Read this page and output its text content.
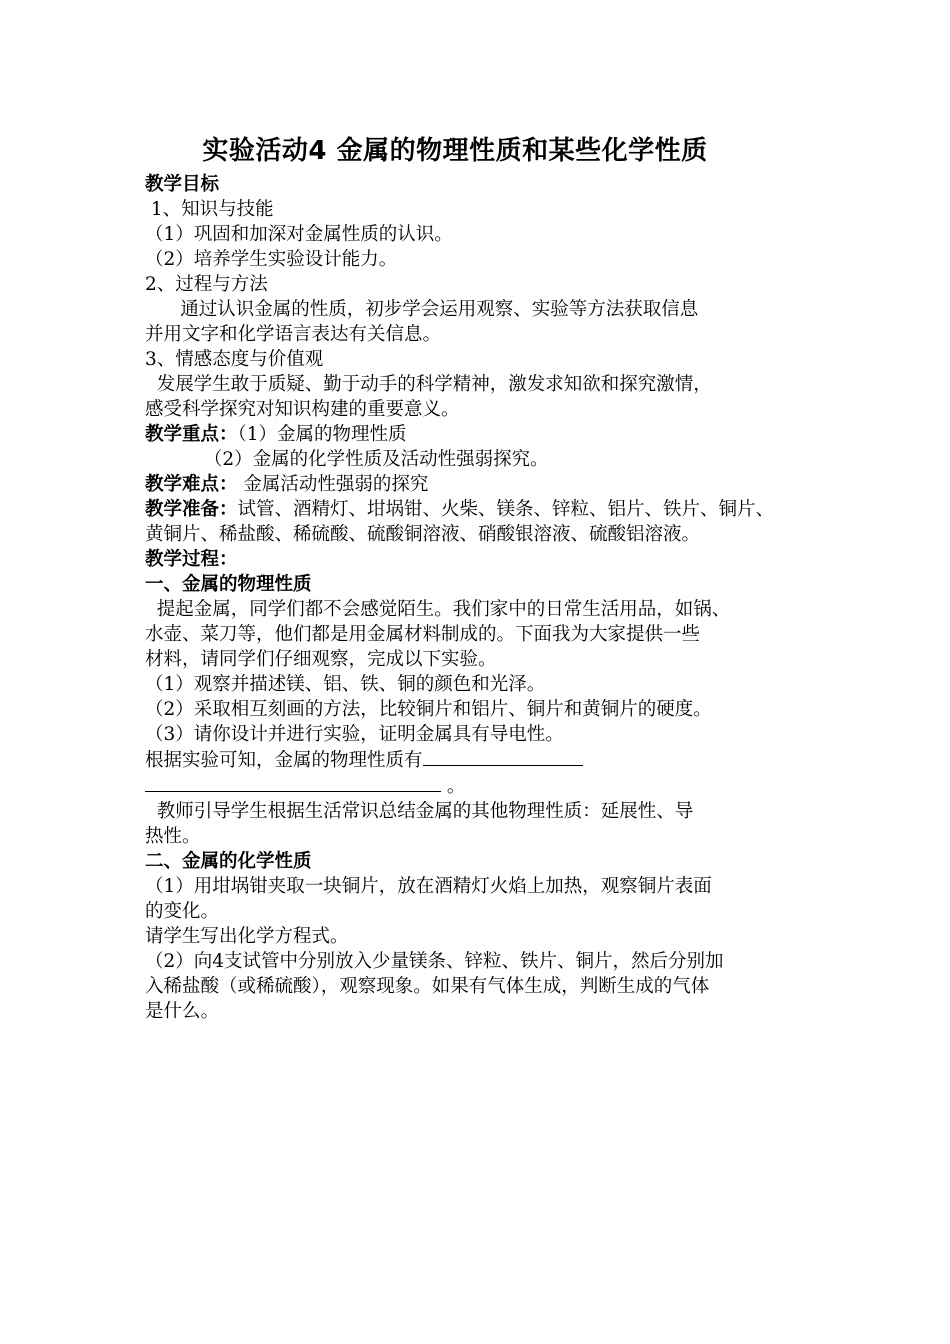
实验活动4 金属的物理性质和某些化学性质
教学目标
1、知识与技能
（1）巩固和加深对金属性质的认识。
（2）培养学生实验设计能力。
2、过程与方法
通过认识金属的性质，初步学会运用观察、实验等方法获取信息
并用文字和化学语言表达有关信息。
3、情感态度与价值观
发展学生敢于质疑、勤于动手的科学精神，激发求知欲和探究激情，
感受科学探究对知识构建的重要意义。
教学重点：（1）金属的物理性质
（2）金属的化学性质及活动性强弱探究。
教学难点： 金属活动性强弱的探究
教学准备：试管、酒精灯、坩埚钳、火柴、镁条、锌粒、铝片、铁片、铜片、
黄铜片、稀盐酸、稀硫酸、硫酸铜溶液、硝酸银溶液、硫酸铝溶液。
教学过程：
一、金属的物理性质
提起金属，同学们都不会感觉陌生。我们家中的日常生活用品，如锅、
水壶、菜刀等，他们都是用金属材料制成的。下面我为大家提供一些
材料，请同学们仔细观察，完成以下实验。
（1）观察并描述镁、铝、铁、铜的颜色和光泽。
（2）采取相互刻画的方法，比较铜片和铝片、铜片和黄铜片的硬度。
（3）请你设计并进行实验，证明金属具有导电性。
根据实验可知，金属的物理性质有
。
教师引导学生根据生活常识总结金属的其他物理性质：延展性、导
热性。
二、金属的化学性质
（1）用坩埚钳夹取一块铜片，放在酒精灯火焰上加热，观察铜片表面
的变化。
请学生写出化学方程式。
（2）向4支试管中分别放入少量镁条、锌粒、铁片、铜片，然后分别加
入稀盐酸（或稀硫酸），观察现象。如果有气体生成，判断生成的气体
是什么。
